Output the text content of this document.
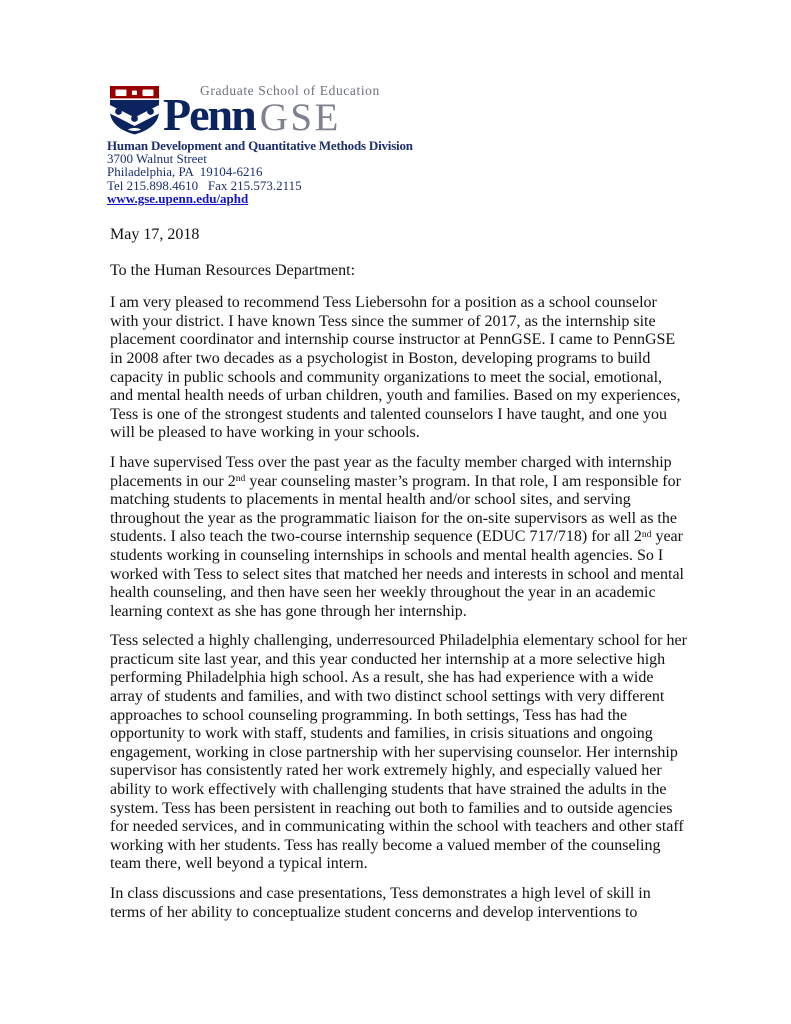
Graduate School of Education
Penn GSE
Human Development and Quantitative Methods Division
3700 Walnut Street
Philadelphia, PA  19104-6216
Tel 215.898.4610   Fax 215.573.2115
www.gse.upenn.edu/aphd
May 17, 2018
To the Human Resources Department:

I am very pleased to recommend Tess Liebersohn for a position as a school counselor with your district. I have known Tess since the summer of 2017, as the internship site placement coordinator and internship course instructor at PennGSE. I came to PennGSE in 2008 after two decades as a psychologist in Boston, developing programs to build capacity in public schools and community organizations to meet the social, emotional, and mental health needs of urban children, youth and families. Based on my experiences, Tess is one of the strongest students and talented counselors I have taught, and one you will be pleased to have working in your schools.

I have supervised Tess over the past year as the faculty member charged with internship placements in our 2nd year counseling master’s program. In that role, I am responsible for matching students to placements in mental health and/or school sites, and serving throughout the year as the programmatic liaison for the on-site supervisors as well as the students. I also teach the two-course internship sequence (EDUC 717/718) for all 2nd year students working in counseling internships in schools and mental health agencies. So I worked with Tess to select sites that matched her needs and interests in school and mental health counseling, and then have seen her weekly throughout the year in an academic learning context as she has gone through her internship.

Tess selected a highly challenging, underresourced Philadelphia elementary school for her practicum site last year, and this year conducted her internship at a more selective high performing Philadelphia high school. As a result, she has had experience with a wide array of students and families, and with two distinct school settings with very different approaches to school counseling programming. In both settings, Tess has had the opportunity to work with staff, students and families, in crisis situations and ongoing engagement, working in close partnership with her supervising counselor. Her internship supervisor has consistently rated her work extremely highly, and especially valued her ability to work effectively with challenging students that have strained the adults in the system. Tess has been persistent in reaching out both to families and to outside agencies for needed services, and in communicating within the school with teachers and other staff working with her students. Tess has really become a valued member of the counseling team there, well beyond a typical intern.

In class discussions and case presentations, Tess demonstrates a high level of skill in terms of her ability to conceptualize student concerns and develop interventions to
